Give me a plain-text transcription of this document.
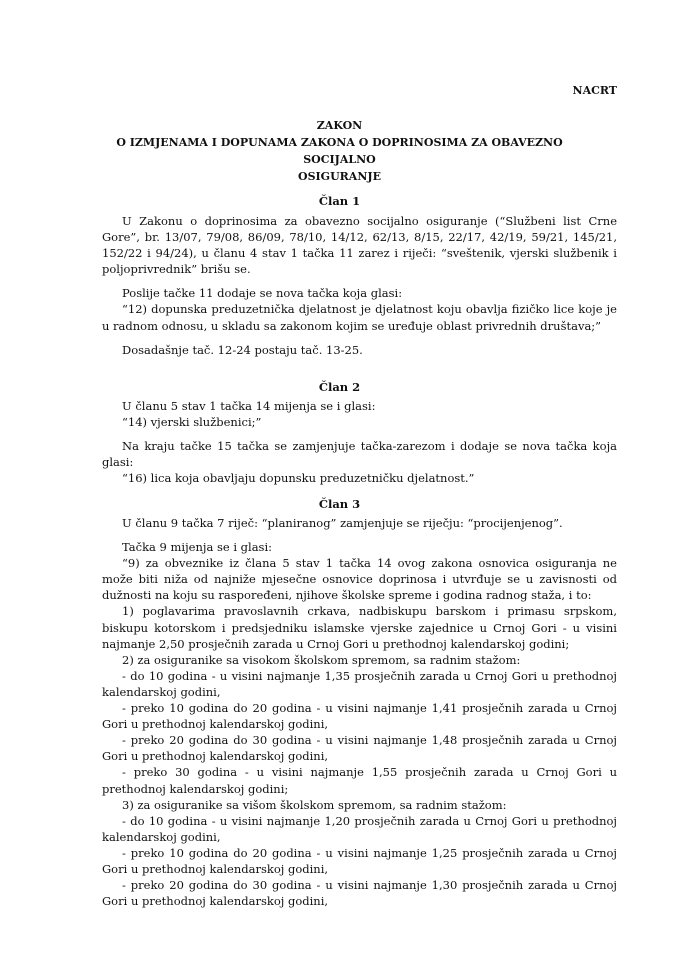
NACRT
ZAKON
O IZMJENAMA I DOPUNAMA ZAKONA O DOPRINOSIMA ZA OBAVEZNO SOCIJALNO
OSIGURANJE
Član 1

U Zakonu o doprinosima za obavezno socijalno osiguranje (“Službeni list Crne Gore”, br. 13/07, 79/08, 86/09, 78/10, 14/12, 62/13, 8/15, 22/17, 42/19, 59/21, 145/21, 152/22 i 94/24), u članu 4 stav 1 tačka 11 zarez i riječi: “sveštenik, vjerski službenik i poljoprivrednik” brišu se.

Poslije tačke 11 dodaje se nova tačka koja glasi:

“12) dopunska preduzetnička djelatnost je djelatnost koju obavlja fizičko lice koje je u radnom odnosu, u skladu sa zakonom kojim se uređuje oblast privrednih društava;”

Dosadašnje tač. 12-24 postaju tač. 13-25.

Član 2

U članu 5 stav 1 tačka 14 mijenja se i glasi:

“14) vjerski službenici;”

Na kraju tačke 15 tačka se zamjenjuje tačka-zarezom i dodaje se nova tačka koja glasi:

“16) lica koja obavljaju dopunsku preduzetničku djelatnost.”

Član 3

U članu 9 tačka 7 riječ: “planiranog” zamjenjuje se riječju: “procijenjenog”.

Tačka 9 mijenja se i glasi:

“9) za obveznike iz člana 5 stav 1 tačka 14 ovog zakona osnovica osiguranja ne može biti niža od najniže mjesečne osnovice doprinosa i utvrđuje se u zavisnosti od dužnosti na koju su raspoređeni, njihove školske spreme i godina radnog staža, i to:

1) poglavarima pravoslavnih crkava, nadbiskupu barskom i primasu srpskom, biskupu kotorskom i predsjedniku islamske vjerske zajednice u Crnoj Gori - u visini najmanje 2,50 prosječnih zarada u Crnoj Gori u prethodnoj kalendarskoj godini;

2) za osiguranike sa visokom školskom spremom, sa radnim stažom:

- do 10 godina - u visini najmanje 1,35 prosječnih zarada u Crnoj Gori u prethodnoj kalendarskoj godini,

- preko 10 godina do 20 godina - u visini najmanje 1,41 prosječnih zarada u Crnoj Gori u prethodnoj kalendarskoj godini,

- preko 20 godina do 30 godina - u visini najmanje 1,48 prosječnih zarada u Crnoj Gori u prethodnoj kalendarskoj godini,

- preko 30 godina - u visini najmanje 1,55 prosječnih zarada u Crnoj Gori u prethodnoj kalendarskoj godini;

3) za osiguranike sa višom školskom spremom, sa radnim stažom:

- do 10 godina - u visini najmanje 1,20 prosječnih zarada u Crnoj Gori u prethodnoj kalendarskoj godini,

- preko 10 godina do 20 godina - u visini najmanje 1,25 prosječnih zarada u Crnoj Gori u prethodnoj kalendarskoj godini,

- preko 20 godina do 30 godina - u visini najmanje 1,30 prosječnih zarada u Crnoj Gori u prethodnoj kalendarskoj godini,
